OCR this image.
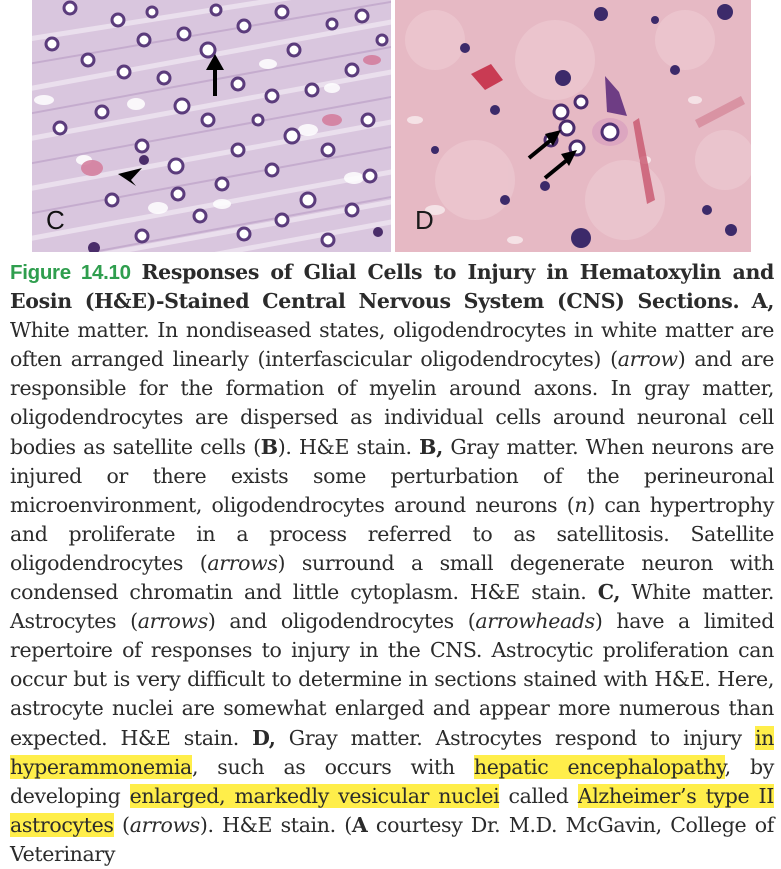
C	D
Figure 14.10 Responses of Glial Cells to Injury in Hematoxylin and Eosin (H&E)-Stained Central Nervous System (CNS) Sections. A, White matter. In nondiseased states, oligodendrocytes in white matter are often arranged linearly (interfascicular oligodendrocytes) (arrow) and are responsible for the formation of myelin around axons. In gray matter, oligodendrocytes are dispersed as individual cells around neuronal cell bodies as satellite cells (B). H&E stain. B, Gray matter. When neurons are injured or there exists some perturbation of the perineuronal microenvironment, oligodendrocytes around neurons (n) can hypertrophy and proliferate in a process referred to as satellitosis. Satellite oligodendrocytes (arrows) surround a small degenerate neuron with condensed chromatin and little cytoplasm. H&E stain. C, White matter. Astrocytes (arrows) and oligodendrocytes (arrowheads) have a limited repertoire of responses to injury in the CNS. Astrocytic proliferation can occur but is very difficult to determine in sections stained with H&E. Here, astrocyte nuclei are somewhat enlarged and appear more numerous than expected. H&E stain. D, Gray matter. Astrocytes respond to injury in hyperammonemia, such as occurs with hepatic encephalopathy, by developing enlarged, markedly vesicular nuclei called Alzheimer’s type II astrocytes (arrows). H&E stain. (A courtesy Dr. M.D. McGavin, College of Veterinary
